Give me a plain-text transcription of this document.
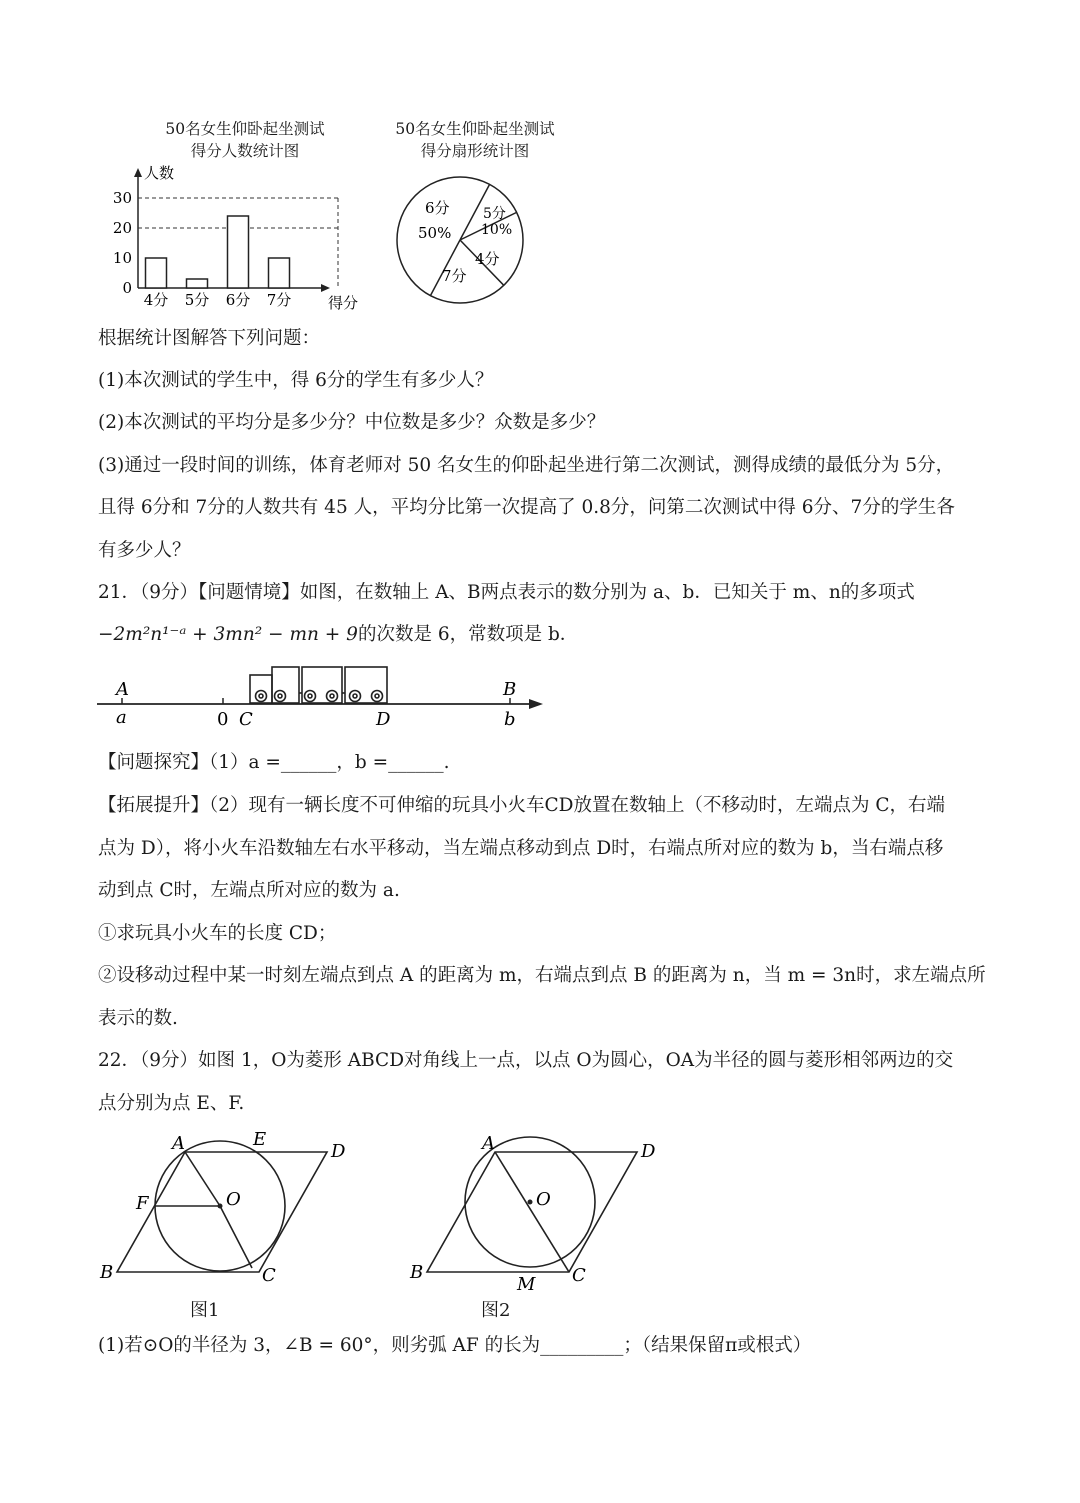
50名女生仰卧起坐测试
得分人数统计图
50名女生仰卧起坐测试
得分扇形统计图
0
10
20
30
4分 5分 6分 7分
人数
得分
6分
50%
5分
10%
4分
7分
根据统计图解答下列问题：
(1)本次测试的学生中，得 6分的学生有多少人？
(2)本次测试的平均分是多少分？中位数是多少？众数是多少？
(3)通过一段时间的训练，体育老师对 50 名女生的仰卧起坐进行第二次测试，测得成绩的最低分为 5分，
且得 6分和 7分的人数共有 45 人，平均分比第一次提高了 0.8分，问第二次测试中得 6分、7分的学生各
有多少人？
21．（9分）【问题情境】如图，在数轴上 A、B两点表示的数分别为 a、b．已知关于 m、n的多项式
−2m²n¹⁻ᵃ + 3mn² − mn + 9的次数是 6，常数项是 b．
A
a	0 C	D
B
b
【问题探究】（1）a =______，b =______.
【拓展提升】（2）现有一辆长度不可伸缩的玩具小火车CD放置在数轴上（不移动时，左端点为 C，右端
点为 D），将小火车沿数轴左右水平移动，当左端点移动到点 D时，右端点所对应的数为 b，当右端点移
动到点 C时，左端点所对应的数为 a.
①求玩具小火车的长度 CD；
②设移动过程中某一时刻左端点到点 A 的距离为 m，右端点到点 B 的距离为 n，当 m = 3n时，求左端点所
表示的数.
22．（9分）如图 1，O为菱形 ABCD对角线上一点，以点 O为圆心，OA为半径的圆与菱形相邻两边的交
点分别为点 E、F.
A	E
D
F	O
B	C
图1
A	D
O
B
M C
图2
(1)若⊙O的半径为 3，∠B = 60°，则劣弧 AF 的长为_________；（结果保留π或根式）
